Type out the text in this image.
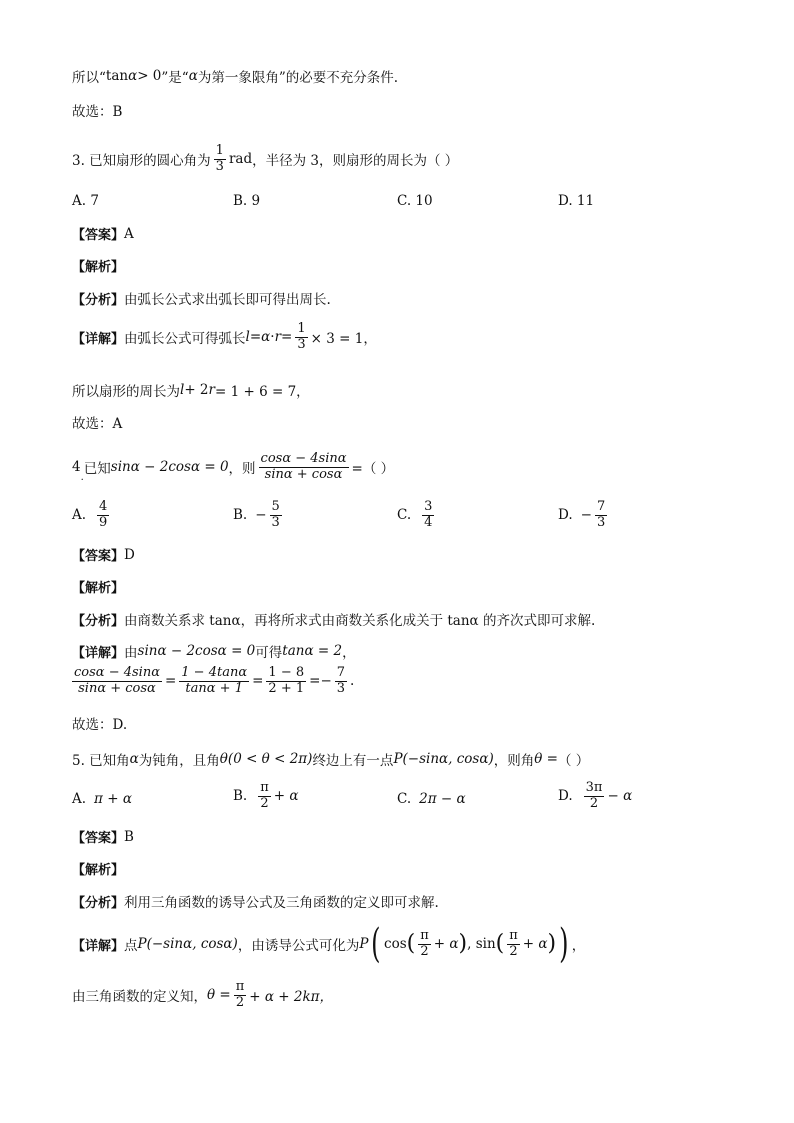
所以“ tan α > 0 ”是“ α 为第一象限角”的必要不充分条件.
故选：B
3. 已知扇形的圆心角为 $\frac{1}{3}$ rad ，半径为 3，则扇形的周长为（ ）
A. 7	B. 9	C. 10	D. 11
【答案】 A
【解析】
【分析】 由弧长公式求出弧长即可得出周长.
【详解】 由弧长公式可得弧长 $l = \alpha \cdot r = \frac{1}{3} \times 3 = 1$，
所以扇形的周长为 l + 2 r = 1 + 6 = 7，
故选：A
4
. 已知 sinα − 2cosα = 0 ，则 $\frac{\cos\alpha - 4\sin\alpha}{\sin\alpha + \cos\alpha}$ =（ ）
A. $\frac{4}{9}$	B. − $\frac{5}{3}$	C. $\frac{3}{4}$	D. − $\frac{7}{3}$
【答案】 D
【解析】
【分析】 由商数关系求 tanα，再将所求式由商数关系化成关于 tanα 的齐次式即可求解.
【详解】 由 sinα − 2cosα = 0 可得 tanα = 2 ，
$\frac{\cos\alpha - 4\sin\alpha}{\sin\alpha + \cos\alpha} = \frac{1 - 4\tan\alpha}{\tan\alpha + 1} = \frac{1 - 8}{2 + 1}$ = − $\frac{7}{3}$ .
故选：D.
5. 已知角 α 为钝角，且角 θ(0 < θ < 2π) 终边上有一点 P(−sinα, cosα) ，则角 θ = （ ）
A. π + α	B. $\frac{\pi}{2} + \alpha$	C. 2π − α	D. $\frac{3\pi}{2} - \alpha$
【答案】 B
【解析】
【分析】 利用三角函数的诱导公式及三角函数的定义即可求解.
【详解】 点 P(−sinα, cosα) ，由诱导公式可化为 P ( cos ( $\frac{\pi}{2} + \alpha$ ) , sin ( $\frac{\pi}{2} + \alpha$ ) ) ，
由三角函数的定义知， $\theta = \frac{\pi}{2} + \alpha + 2k\pi$，
